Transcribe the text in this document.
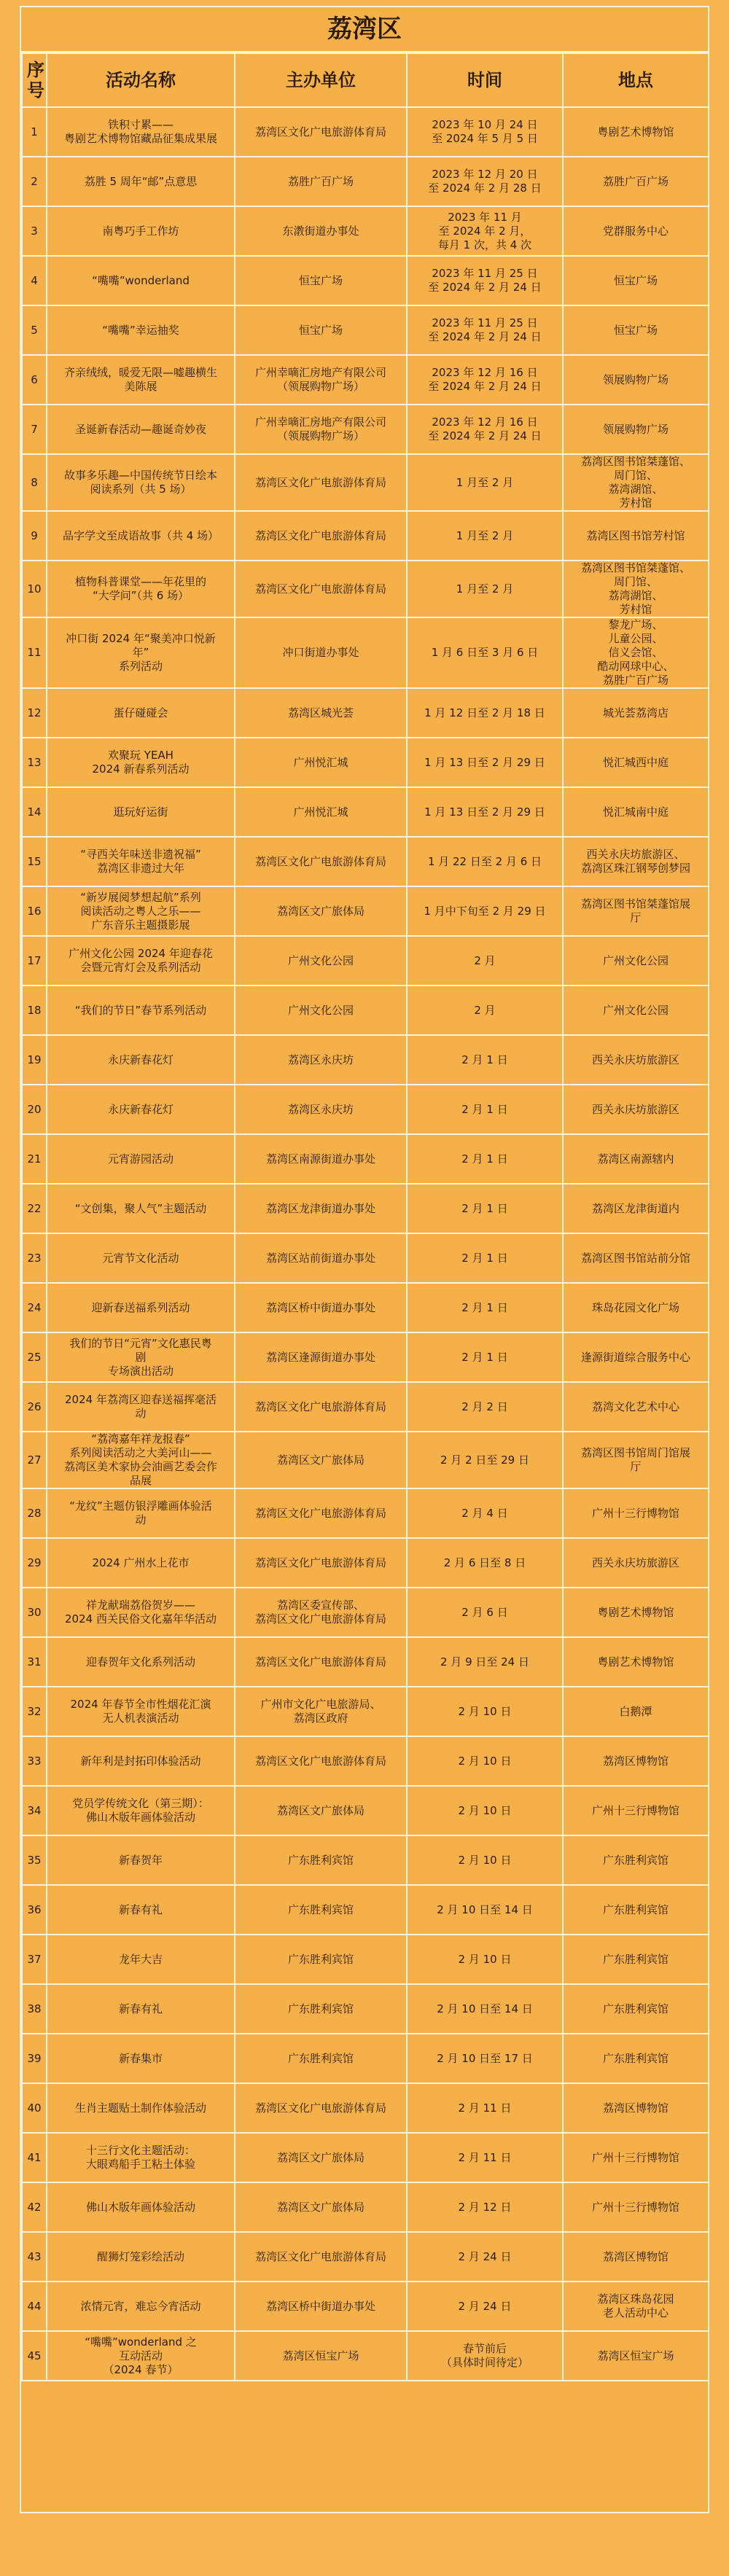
荔湾区
序
号	活动名称	主办单位	时间	地点
1	铁积寸累——
粤剧艺术博物馆藏品征集成果展	荔湾区文化广电旅游体育局	2023 年 10 月 24 日
至 2024 年 5 月 5 日	粤剧艺术博物馆
2	荔胜 5 周年“邮”点意思	荔胜广百广场	2023 年 12 月 20 日
至 2024 年 2 月 28 日	荔胜广百广场
3	南粤巧手工作坊	东漖街道办事处	2023 年 11 月
至 2024 年 2 月，
每月 1 次，共 4 次	党群服务中心
4	“嘴嘴”wonderland	恒宝广场	2023 年 11 月 25 日
至 2024 年 2 月 24 日	恒宝广场
5	“嘴嘴”幸运抽奖	恒宝广场	2023 年 11 月 25 日
至 2024 年 2 月 24 日	恒宝广场
6	齐亲绒绒，暖爱无限—嘘趣横生
美陈展	广州幸嘀汇房地产有限公司
（领展购物广场）	2023 年 12 月 16 日
至 2024 年 2 月 24 日	领展购物广场
7	圣诞新春活动—趣诞奇妙夜	广州幸嘀汇房地产有限公司
（领展购物广场）	2023 年 12 月 16 日
至 2024 年 2 月 24 日	领展购物广场
8	故事多乐趣—中国传统节日绘本
阅读系列（共 5 场）	荔湾区文化广电旅游体育局	1 月至 2 月	荔湾区图书馆桀蓬馆、
周门馆、
荔湾湖馆、
芳村馆
9	品字学文至成语故事（共 4 场）	荔湾区文化广电旅游体育局	1 月至 2 月	荔湾区图书馆芳村馆
10	植物科普课堂——年花里的
“大学问”（共 6 场）	荔湾区文化广电旅游体育局	1 月至 2 月	荔湾区图书馆桀蓬馆、
周门馆、
荔湾湖馆、
芳村馆
11	冲口街 2024 年“聚美冲口悦新
年”
系列活动	冲口街道办事处	1 月 6 日至 3 月 6 日	黎龙广场、
儿童公园、
信义会馆、
酷动网球中心、
荔胜广百广场
12	蛋仔碰碰会	荔湾区城光荟	1 月 12 日至 2 月 18 日	城光荟荔湾店
13	欢聚玩 YEAH
2024 新春系列活动	广州悦汇城	1 月 13 日至 2 月 29 日	悦汇城西中庭
14	逛玩好运街	广州悦汇城	1 月 13 日至 2 月 29 日	悦汇城南中庭
15	“寻西关年味送非遗祝福”
荔湾区非遗过大年	荔湾区文化广电旅游体育局	1 月 22 日至 2 月 6 日	西关永庆坊旅游区、
荔湾区珠江钢琴创梦园
16	“新岁展阅梦想起航”系列
阅读活动之粤人之乐——
广东音乐主题摄影展	荔湾区文广旅体局	1 月中下旬至 2 月 29 日	荔湾区图书馆桀蓬馆展
厅
17	广州文化公园 2024 年迎春花
会暨元宵灯会及系列活动	广州文化公园	2 月	广州文化公园
18	“我们的节日”春节系列活动	广州文化公园	2 月	广州文化公园
19	永庆新春花灯	荔湾区永庆坊	2 月 1 日	西关永庆坊旅游区
20	永庆新春花灯	荔湾区永庆坊	2 月 1 日	西关永庆坊旅游区
21	元宵游园活动	荔湾区南源街道办事处	2 月 1 日	荔湾区南源辖内
22	“文创集，聚人气”主题活动	荔湾区龙津街道办事处	2 月 1 日	荔湾区龙津街道内
23	元宵节文化活动	荔湾区站前街道办事处	2 月 1 日	荔湾区图书馆站前分馆
24	迎新春送福系列活动	荔湾区桥中街道办事处	2 月 1 日	珠岛花园文化广场
25	我们的节日“元宵”文化惠民粤
剧
专场演出活动	荔湾区逢源街道办事处	2 月 1 日	逢源街道综合服务中心
26	2024 年荔湾区迎春送福挥毫活
动	荔湾区文化广电旅游体育局	2 月 2 日	荔湾文化艺术中心
27	“荔湾嘉年祥龙报春”
系列阅读活动之大美河山——
荔湾区美术家协会油画艺委会作
品展	荔湾区文广旅体局	2 月 2 日至 29 日	荔湾区图书馆周门馆展
厅
28	“龙纹”主题仿银浮雕画体验活
动	荔湾区文化广电旅游体育局	2 月 4 日	广州十三行博物馆
29	2024 广州水上花市	荔湾区文化广电旅游体育局	2 月 6 日至 8 日	西关永庆坊旅游区
30	祥龙献瑞荔俗贺岁——
2024 西关民俗文化嘉年华活动	荔湾区委宣传部、
荔湾区文化广电旅游体育局	2 月 6 日	粤剧艺术博物馆
31	迎春贺年文化系列活动	荔湾区文化广电旅游体育局	2 月 9 日至 24 日	粤剧艺术博物馆
32	2024 年春节全市性烟花汇演
无人机表演活动	广州市文化广电旅游局、
荔湾区政府	2 月 10 日	白鹅潭
33	新年利是封拓印体验活动	荔湾区文化广电旅游体育局	2 月 10 日	荔湾区博物馆
34	党员学传统文化（第三期）：
佛山木版年画体验活动	荔湾区文广旅体局	2 月 10 日	广州十三行博物馆
35	新春贺年	广东胜利宾馆	2 月 10 日	广东胜利宾馆
36	新春有礼	广东胜利宾馆	2 月 10 日至 14 日	广东胜利宾馆
37	龙年大吉	广东胜利宾馆	2 月 10 日	广东胜利宾馆
38	新春有礼	广东胜利宾馆	2 月 10 日至 14 日	广东胜利宾馆
39	新春集市	广东胜利宾馆	2 月 10 日至 17 日	广东胜利宾馆
40	生肖主题贴土制作体验活动	荔湾区文化广电旅游体育局	2 月 11 日	荔湾区博物馆
41	十三行文化主题活动：
大眼鸡船手工粘土体验	荔湾区文广旅体局	2 月 11 日	广州十三行博物馆
42	佛山木版年画体验活动	荔湾区文广旅体局	2 月 12 日	广州十三行博物馆
43	醒狮灯笼彩绘活动	荔湾区文化广电旅游体育局	2 月 24 日	荔湾区博物馆
44	浓情元宵，难忘今宵活动	荔湾区桥中街道办事处	2 月 24 日	荔湾区珠岛花园
老人活动中心
45	“嘴嘴”wonderland 之
互动活动
（2024 春节）	荔湾区恒宝广场	春节前后
（具体时间待定）	荔湾区恒宝广场
